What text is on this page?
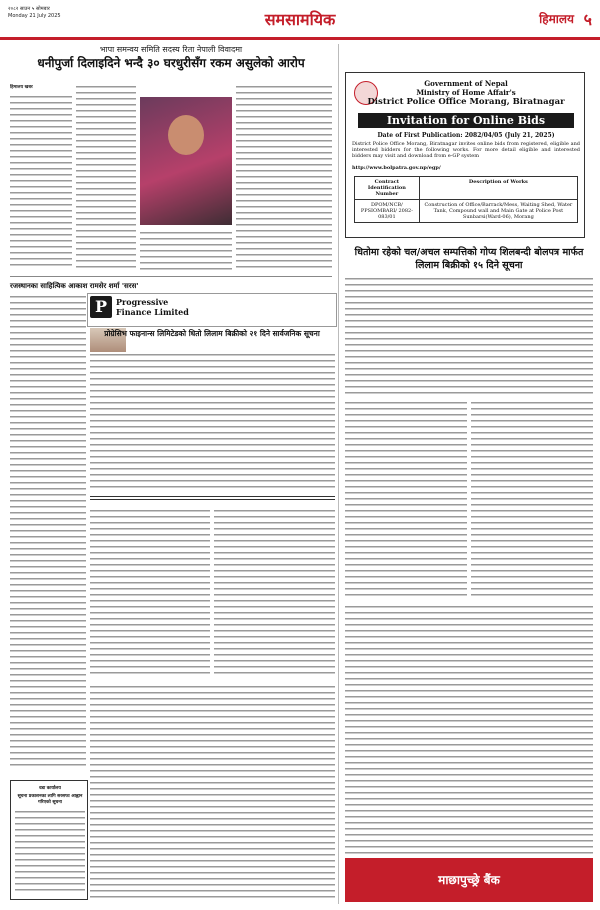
२०८२ साउन ५ सोमबार
Monday 21 July 2025	समसामयिक	हिमालय ५
भापा समन्वय समिति सदस्य रिता नेपाली विवादमा
धनीपुर्जा दिलाइदिने भन्दै ३० घरधुरीसँग रकम असुलेको आरोप
हिमालय खबर
रजस्थानका साहित्यिक आकाश रामसेर शर्मा 'सरस'
P	Progressive
Finance Limited
प्रोग्रेसिभ फाइनान्स लिमिटेडको धितो लिलाम बिक्रीको २१ दिने सार्वजनिक सूचना
वडा कार्यालय
सूचना प्रकाशनका लागि सरसफा आह्वान गरिएको सूचना
Government of Nepal
Ministry of Home Affair's
District Police Office Morang, Biratnagar
Invitation for Online Bids
Date of First Publication: 2082/04/05 (July 21, 2025)
District Police Office Morang, Biratnagar invites online bids from registered, eligible and interested bidders for the following works. For more detail eligible and interested bidders may visit and download from e-GP system
http://www.bolpatra.gov.np/egp/
Contract Identification Number	Description of Works
DPOM/NCB/ PPSIOMBARI/ 2082-083/01	Construction of Office/Barrack/Mess, Waiting Shed, Water Tank, Compound wall and Main Gate at Police Post Sunbarsi(Ward-06), Morang
धितोमा रहेको चल/अचल सम्पत्तिको गोप्य शिलबन्दी बोलपत्र मार्फत लिलाम बिक्रीको १५ दिने सूचना
माछापुच्छ्रे बैंक
